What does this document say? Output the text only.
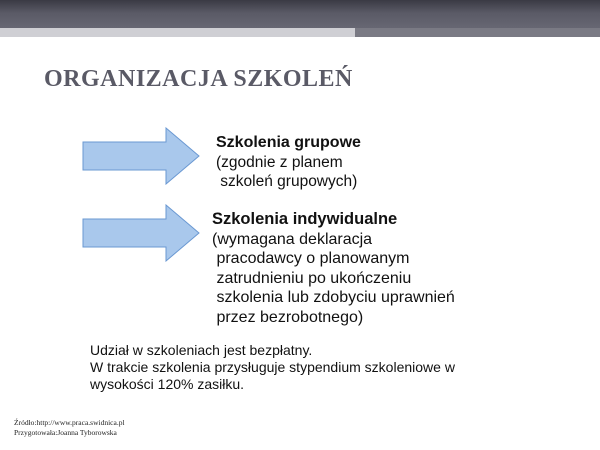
ORGANIZACJA SZKOLEŃ
Szkolenia grupowe
(zgodnie z planem
szkoleń grupowych)
Szkolenia indywidualne
(wymagana deklaracja
pracodawcy o planowanym
zatrudnieniu po ukończeniu
szkolenia lub zdobyciu uprawnień
przez bezrobotnego)
Udział w szkoleniach jest bezpłatny.
W trakcie szkolenia przysługuje stypendium szkoleniowe w
wysokości 120% zasiłku.
Źródło:http://www.praca.swidnica.pl
Przygotowała:Joanna Tyborowska
